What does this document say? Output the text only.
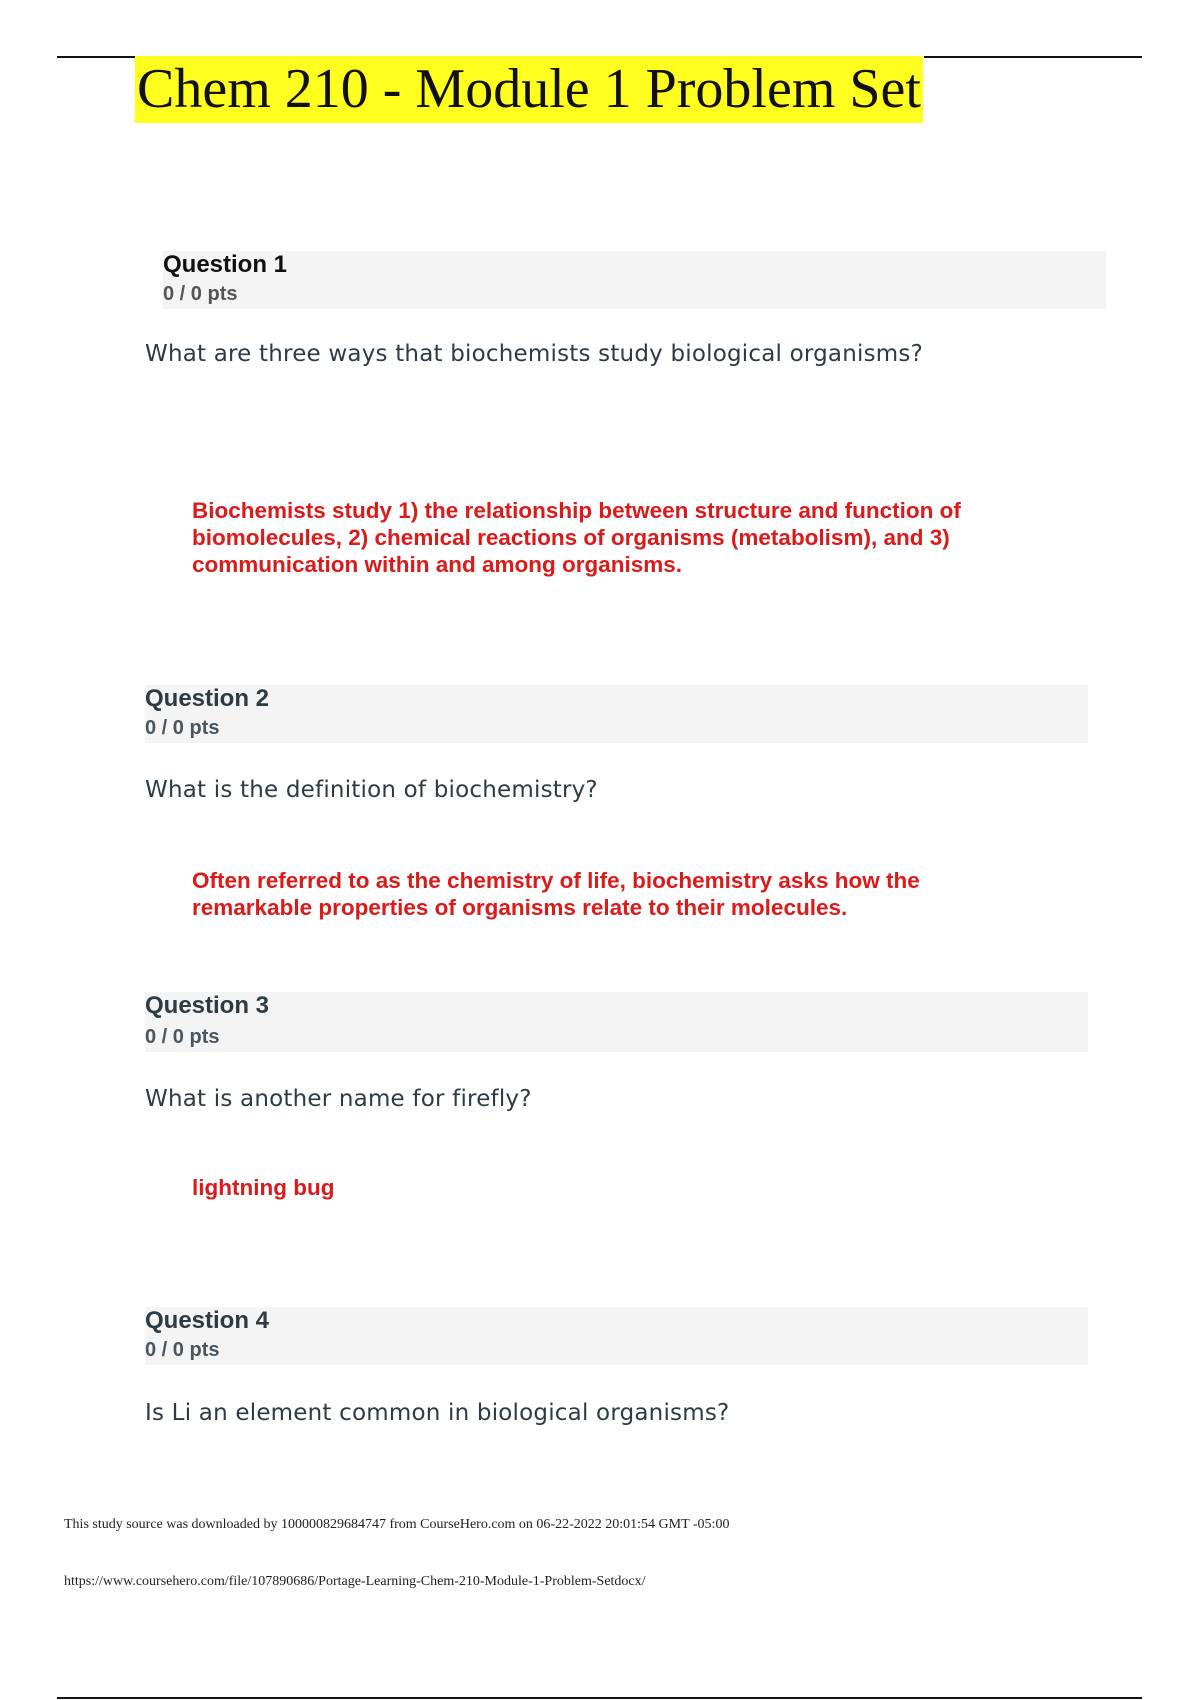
Chem 210 - Module 1 Problem Set
Question 1
0 / 0 pts
What are three ways that biochemists study biological organisms?
Biochemists study 1) the relationship between structure and function of
biomolecules, 2) chemical reactions of organisms (metabolism), and 3)
communication within and among organisms.
Question 2
0 / 0 pts
What is the definition of biochemistry?
Often referred to as the chemistry of life, biochemistry asks how the
remarkable properties of organisms relate to their molecules.
Question 3
0 / 0 pts
What is another name for firefly?
lightning bug
Question 4
0 / 0 pts
Is Li an element common in biological organisms?
This study source was downloaded by 100000829684747 from CourseHero.com on 06-22-2022 20:01:54 GMT -05:00
https://www.coursehero.com/file/107890686/Portage-Learning-Chem-210-Module-1-Problem-Setdocx/
